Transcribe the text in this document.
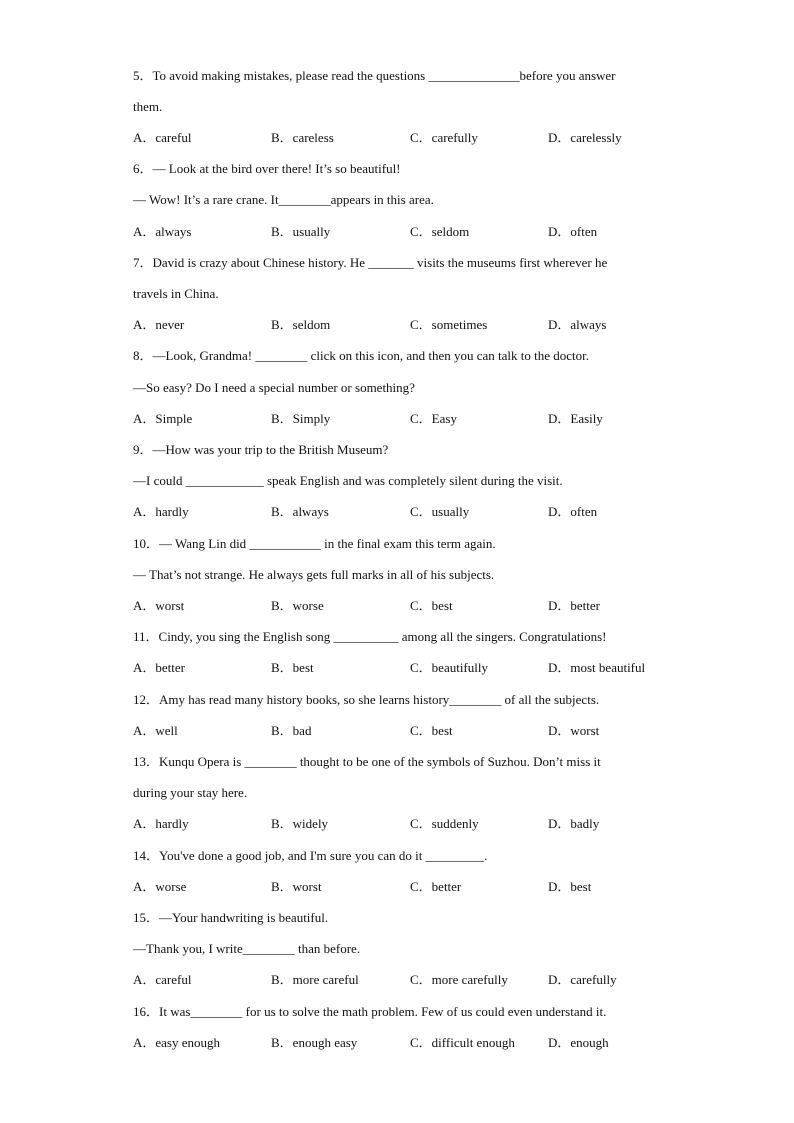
5．To avoid making mistakes, please read the questions ______________before you answer
them.
A．careful	B．careless	C．carefully	D．carelessly
6．— Look at the bird over there! It’s so beautiful!
— Wow! It’s a rare crane. It________appears in this area.
A．always	B．usually	C．seldom	D．often
7．David is crazy about Chinese history. He _______ visits the museums first wherever he
travels in China.
A．never	B．seldom	C．sometimes	D．always
8．—Look, Grandma! ________ click on this icon, and then you can talk to the doctor.
—So easy? Do I need a special number or something?
A．Simple	B．Simply	C．Easy	D．Easily
9．—How was your trip to the British Museum?
—I could ____________ speak English and was completely silent during the visit.
A．hardly	B．always	C．usually	D．often
10．— Wang Lin did ___________ in the final exam this term again.
— That’s not strange. He always gets full marks in all of his subjects.
A．worst	B．worse	C．best	D．better
11．Cindy, you sing the English song __________ among all the singers. Congratulations!
A．better	B．best	C．beautifully	D．most beautiful
12．Amy has read many history books, so she learns history________ of all the subjects.
A．well	B．bad	C．best	D．worst
13．Kunqu Opera is ________ thought to be one of the symbols of Suzhou. Don’t miss it
during your stay here.
A．hardly	B．widely	C．suddenly	D．badly
14．You've done a good job, and I'm sure you can do it _________.
A．worse	B．worst	C．better	D．best
15．—Your handwriting is beautiful.
—Thank you, I write________ than before.
A．careful	B．more careful	C．more carefully	D．carefully
16．It was________ for us to solve the math problem. Few of us could even understand it.
A．easy enough	B．enough easy	C．difficult enough	D．enough
